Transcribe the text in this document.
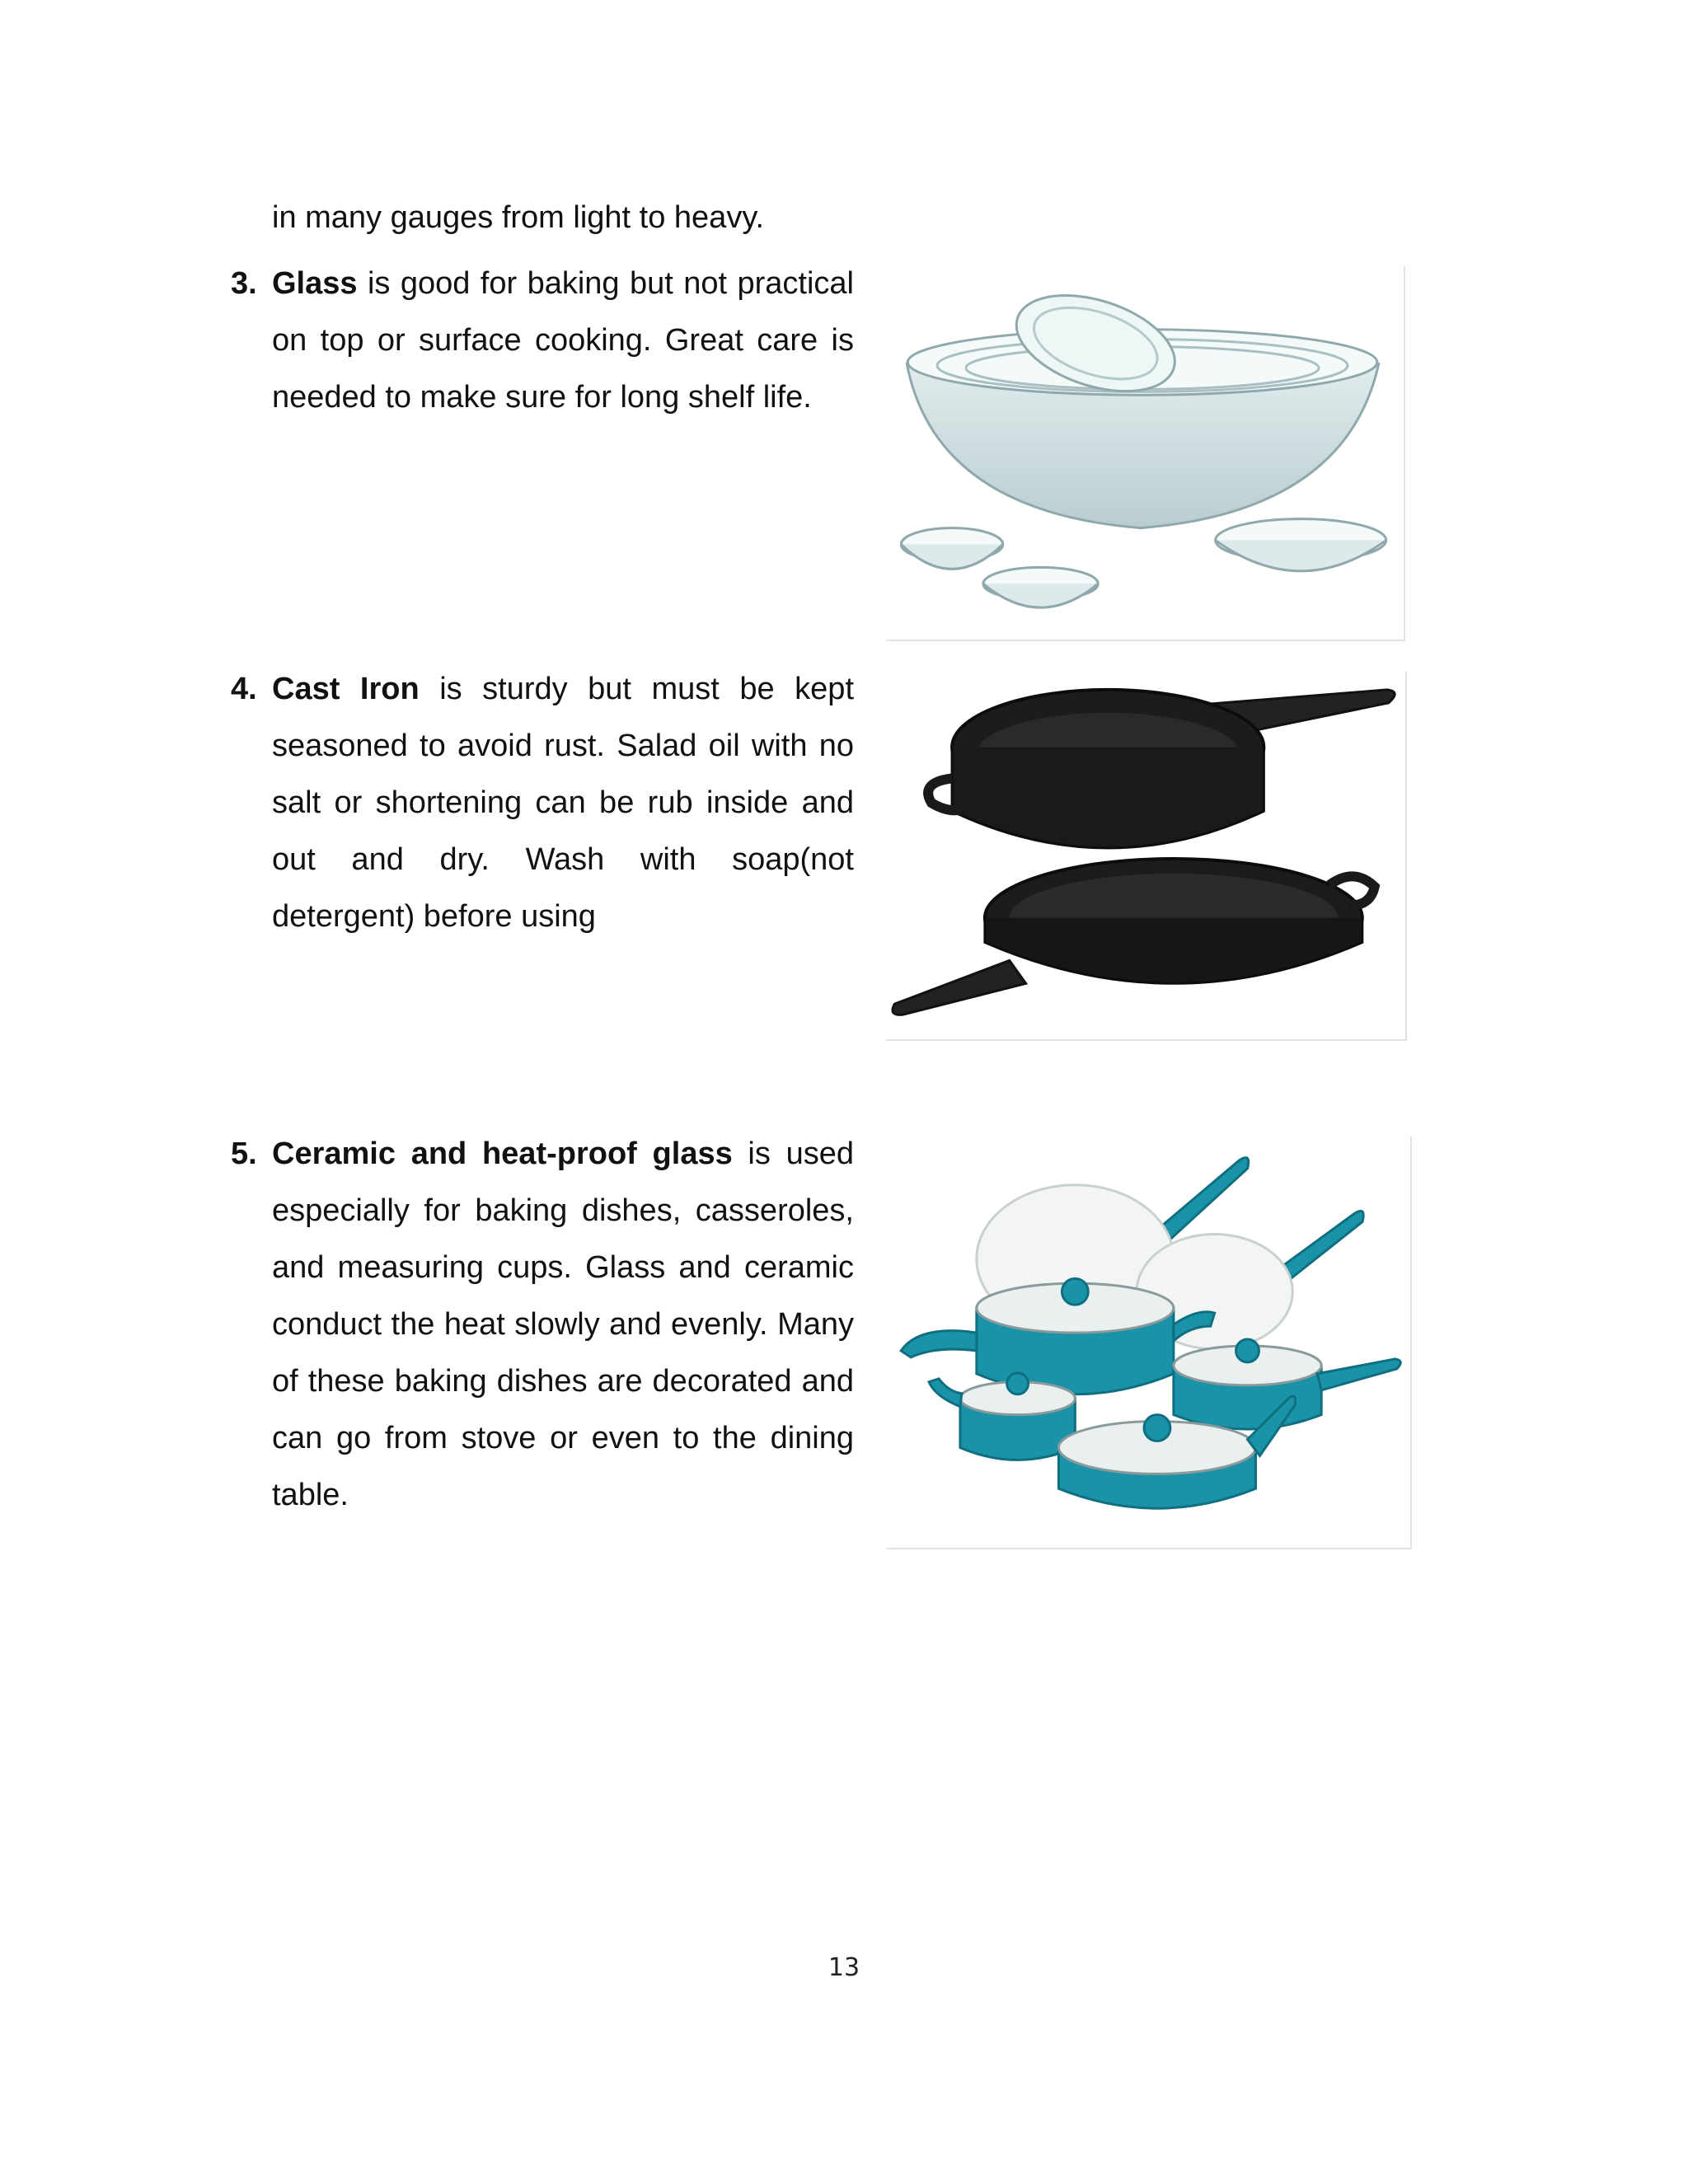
in many gauges from light to heavy.
3. Glass is good for baking but not practical on top or surface cooking. Great care is needed to make sure for long shelf life.
4. Cast Iron is sturdy but must be kept seasoned to avoid rust. Salad oil with no salt or shortening can be rub inside and out and dry. Wash with soap(not detergent) before using
5. Ceramic and heat-proof glass is used especially for baking dishes, casseroles, and measuring cups. Glass and ceramic conduct the heat slowly and evenly. Many of these baking dishes are decorated and can go from stove or even to the dining table.
13
